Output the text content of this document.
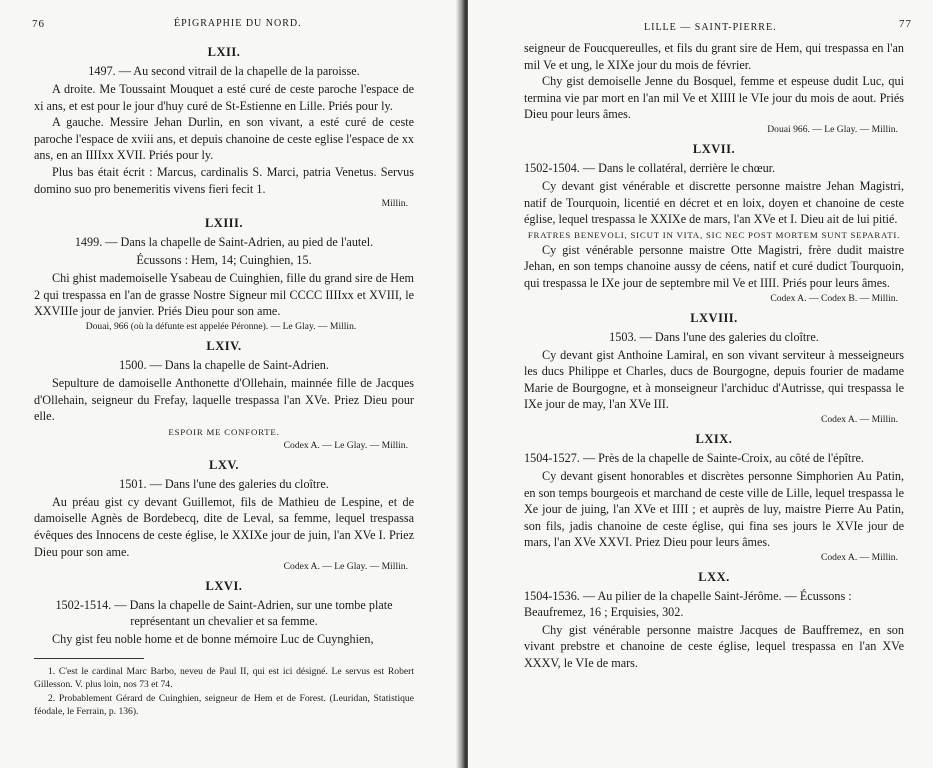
76	ÉPIGRAPHIE DU NORD.
LXII.
1497. — Au second vitrail de la chapelle de la paroisse.

A droite. Me Toussaint Mouquet a esté curé de ceste paroche l'espace de xi ans, et est pour le jour d'huy curé de St-Estienne en Lille. Priés pour ly.

A gauche. Messire Jehan Durlin, en son vivant, a esté curé de ceste paroche l'espace de xviii ans, et depuis chanoine de ceste eglise l'espace de xx ans, en an IIIIxx XVII. Priés pour ly.

Plus bas était écrit : Marcus, cardinalis S. Marci, patria Venetus. Servus domino suo pro benemeritis vivens fieri fecit 1.

Millin.
LXIII.
1499. — Dans la chapelle de Saint-Adrien, au pied de l'autel.
Écussons : Hem, 14; Cuinghien, 15.

Chi ghist mademoiselle Ysabeau de Cuinghien, fille du grand sire de Hem 2 qui trespassa en l'an de grasse Nostre Signeur mil CCCC IIIIxx et XVIII, le XXVIIIe jour de janvier. Priés Dieu pour son ame.

Douai, 966 (où la défunte est appelée Péronne). — Le Glay. — Millin.
LXIV.
1500. — Dans la chapelle de Saint-Adrien.

Sepulture de damoiselle Anthonette d'Ollehain, mainnée fille de Jacques d'Ollehain, seigneur du Frefay, laquelle trespassa l'an XVe. Priez Dieu pour elle.

ESPOIR ME CONFORTE.
Codex A. — Le Glay. — Millin.
LXV.
1501. — Dans l'une des galeries du cloître.

Au préau gist cy devant Guillemot, fils de Mathieu de Lespine, et de damoiselle Agnès de Bordebecq, dite de Leval, sa femme, lequel trespassa évêques des Innocens de ceste église, le XXIXe jour de juin, l'an XVe I. Priez Dieu pour son ame.

Codex A. — Le Glay. — Millin.
LXVI.
1502-1514. — Dans la chapelle de Saint-Adrien, sur une tombe plate représentant un chevalier et sa femme.

Chy gist feu noble home et de bonne mémoire Luc de Cuynghien,

1. C'est le cardinal Marc Barbo, neveu de Paul II, qui est ici désigné. Le servus est Robert Gillesson. V. plus loin, nos 73 et 74.

2. Probablement Gérard de Cuinghien, seigneur de Hem et de Forest. (Leuridan, Statistique féodale, le Ferrain, p. 136).

LILLE — SAINT-PIERRE.	77

seigneur de Foucquereulles, et fils du grant sire de Hem, qui trespassa en l'an mil Ve et ung, le XIXe jour du mois de février.

Chy gist demoiselle Jenne du Bosquel, femme et espeuse dudit Luc, qui termina vie par mort en l'an mil Ve et XIIII le VIe jour du mois de aout. Priés Dieu pour leurs âmes.

Douai 966. — Le Glay. — Millin.
LXVII.
1502-1504. — Dans le collatéral, derrière le chœur.

Cy devant gist vénérable et discrette personne maistre Jehan Magistri, natif de Tourquoin, licentié en décret et en loix, doyen et chanoine de ceste église, lequel trespassa le XXIXe de mars, l'an XVe et I. Dieu ait de lui pitié.

FRATRES BENEVOLI, SICUT IN VITA, SIC NEC POST MORTEM SUNT SEPARATI.

Cy gist vénérable personne maistre Otte Magistri, frère dudit maistre Jehan, en son temps chanoine aussy de céens, natif et curé dudict Tourquoin, qui trespassa le IXe jour de septembre mil Ve et IIII. Priés pour leurs âmes.

Codex A. — Codex B. — Millin.
LXVIII.
1503. — Dans l'une des galeries du cloître.

Cy devant gist Anthoine Lamiral, en son vivant serviteur à messeigneurs les ducs Philippe et Charles, ducs de Bourgogne, depuis fourier de madame Marie de Bourgogne, et à monseigneur l'archiduc d'Autrisse, qui trespassa le IXe jour de may, l'an XVe III.

Codex A. — Millin.
LXIX.
1504-1527. — Près de la chapelle de Sainte-Croix, au côté de l'épître.

Cy devant gisent honorables et discrètes personne Simphorien Au Patin, en son temps bourgeois et marchand de ceste ville de Lille, lequel trespassa le Xe jour de juing, l'an XVe et IIII ; et auprès de luy, maistre Pierre Au Patin, son fils, jadis chanoine de ceste église, qui fina ses jours le XVIe jour de mars, l'an XVe XXVI. Priez Dieu pour leurs âmes.

Codex A. — Millin.
LXX.
1504-1536. — Au pilier de la chapelle Saint-Jérôme. — Écussons : Beaufremez, 16 ; Erquisies, 302.

Chy gist vénérable personne maistre Jacques de Bauffremez, en son vivant prebstre et chanoine de ceste église, lequel trespassa en l'an XVe XXXV, le VIe de mars.
